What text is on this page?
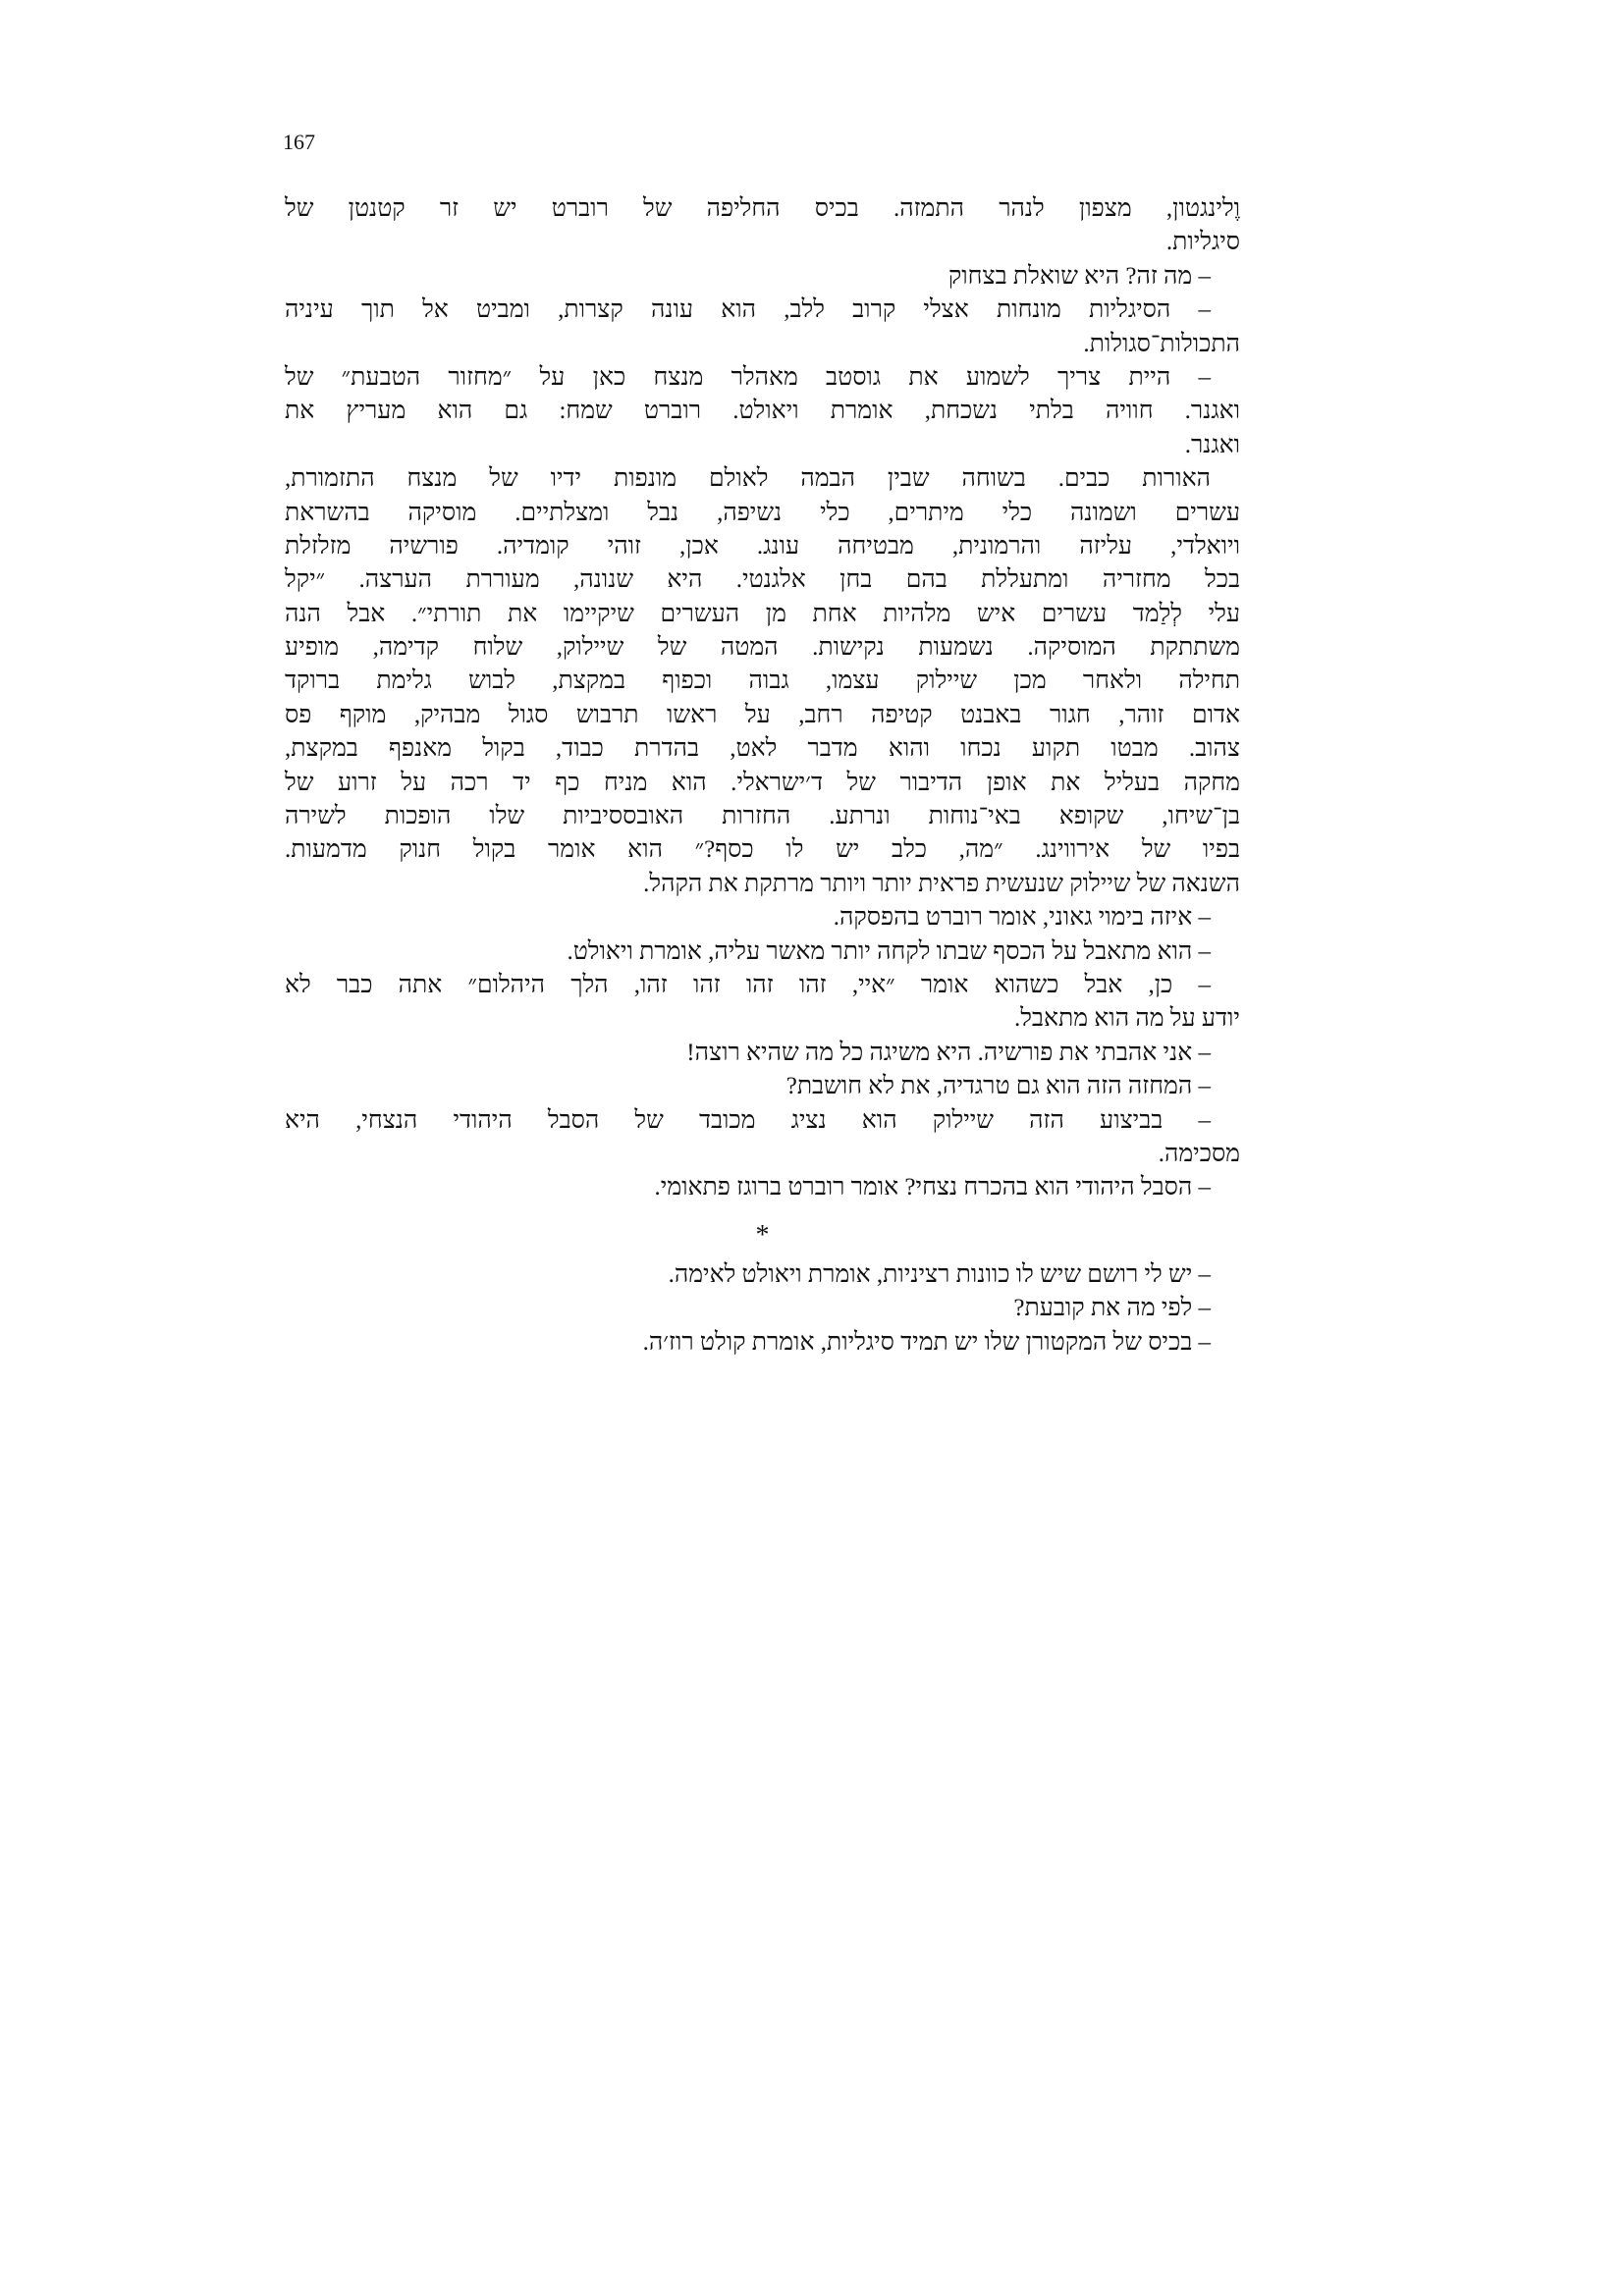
167
וֶלינגטון, מצפון לנהר התמזה. בכיס החליפה של רוברט יש זר קטנטן של
סיגליות.
– מה זה? היא שואלת בצחוק
– הסיגליות מונחות אצלי קרוב ללב, הוא עונה קצרות, ומביט אל תוך עיניה
התכולות־סגולות.
– היית צריך לשמוע את גוסטב מאהלר מנצח כאן על ״מחזור הטבעת״ של
ואגנר. חוויה בלתי נשכחת, אומרת ויאולט. רוברט שמח: גם הוא מעריץ את
ואגנר.
האורות כבים. בשוחה שבין הבמה לאולם מונפות ידיו של מנצח התזמורת,
עשרים ושמונה כלי מיתרים, כלי נשיפה, נבל ומצלתיים. מוסיקה בהשראת
ויואלדי, עליזה והרמונית, מבטיחה עונג. אכן, זוהי קומדיה. פורשיה מזלזלת
בכל מחזריה ומתעללת בהם בחן אלגנטי. היא שנונה, מעוררת הערצה. ״יקל
עלי לְלַמד עשרים איש מלהיות אחת מן העשרים שיקיימו את תורתי״. אבל הנה
משתתקת המוסיקה. נשמעות נקישות. המטה של שיילוק, שלוח קדימה, מופיע
תחילה ולאחר מכן שיילוק עצמו, גבוה וכפוף במקצת, לבוש גלימת ברוקד
אדום זוהר, חגור באבנט קטיפה רחב, על ראשו תרבוש סגול מבהיק, מוקף פס
צהוב. מבטו תקוע נכחו והוא מדבר לאט, בהדרת כבוד, בקול מאנפף במקצת,
מחקה בעליל את אופן הדיבור של ד׳ישראלי. הוא מניח כף יד רכה על זרוע של
בן־שיחו, שקופא באי־נוחות ונרתע. החזרות האובססיביות שלו הופכות לשירה
בפיו של אירווינג. ״מה, כלב יש לו כסף?״ הוא אומר בקול חנוק מדמעות.
השנאה של שיילוק שנעשית פראית יותר ויותר מרתקת את הקהל.
– איזה בימוי גאוני, אומר רוברט בהפסקה.
– הוא מתאבל על הכסף שבתו לקחה יותר מאשר עליה, אומרת ויאולט.
– כן, אבל כשהוא אומר ״איי, זהו זהו זהו זהו, הלך היהלום״ אתה כבר לא
יודע על מה הוא מתאבל.
– אני אהבתי את פורשיה. היא משיגה כל מה שהיא רוצה!
– המחזה הזה הוא גם טרגדיה, את לא חושבת?
– בביצוע הזה שיילוק הוא נציג מכובד של הסבל היהודי הנצחי, היא
מסכימה.
– הסבל היהודי הוא בהכרח נצחי? אומר רוברט ברוגז פתאומי.
*
– יש לי רושם שיש לו כוונות רציניות, אומרת ויאולט לאימה.
– לפי מה את קובעת?
– בכיס של המקטורן שלו יש תמיד סיגליות, אומרת קולט רוז׳ה.
